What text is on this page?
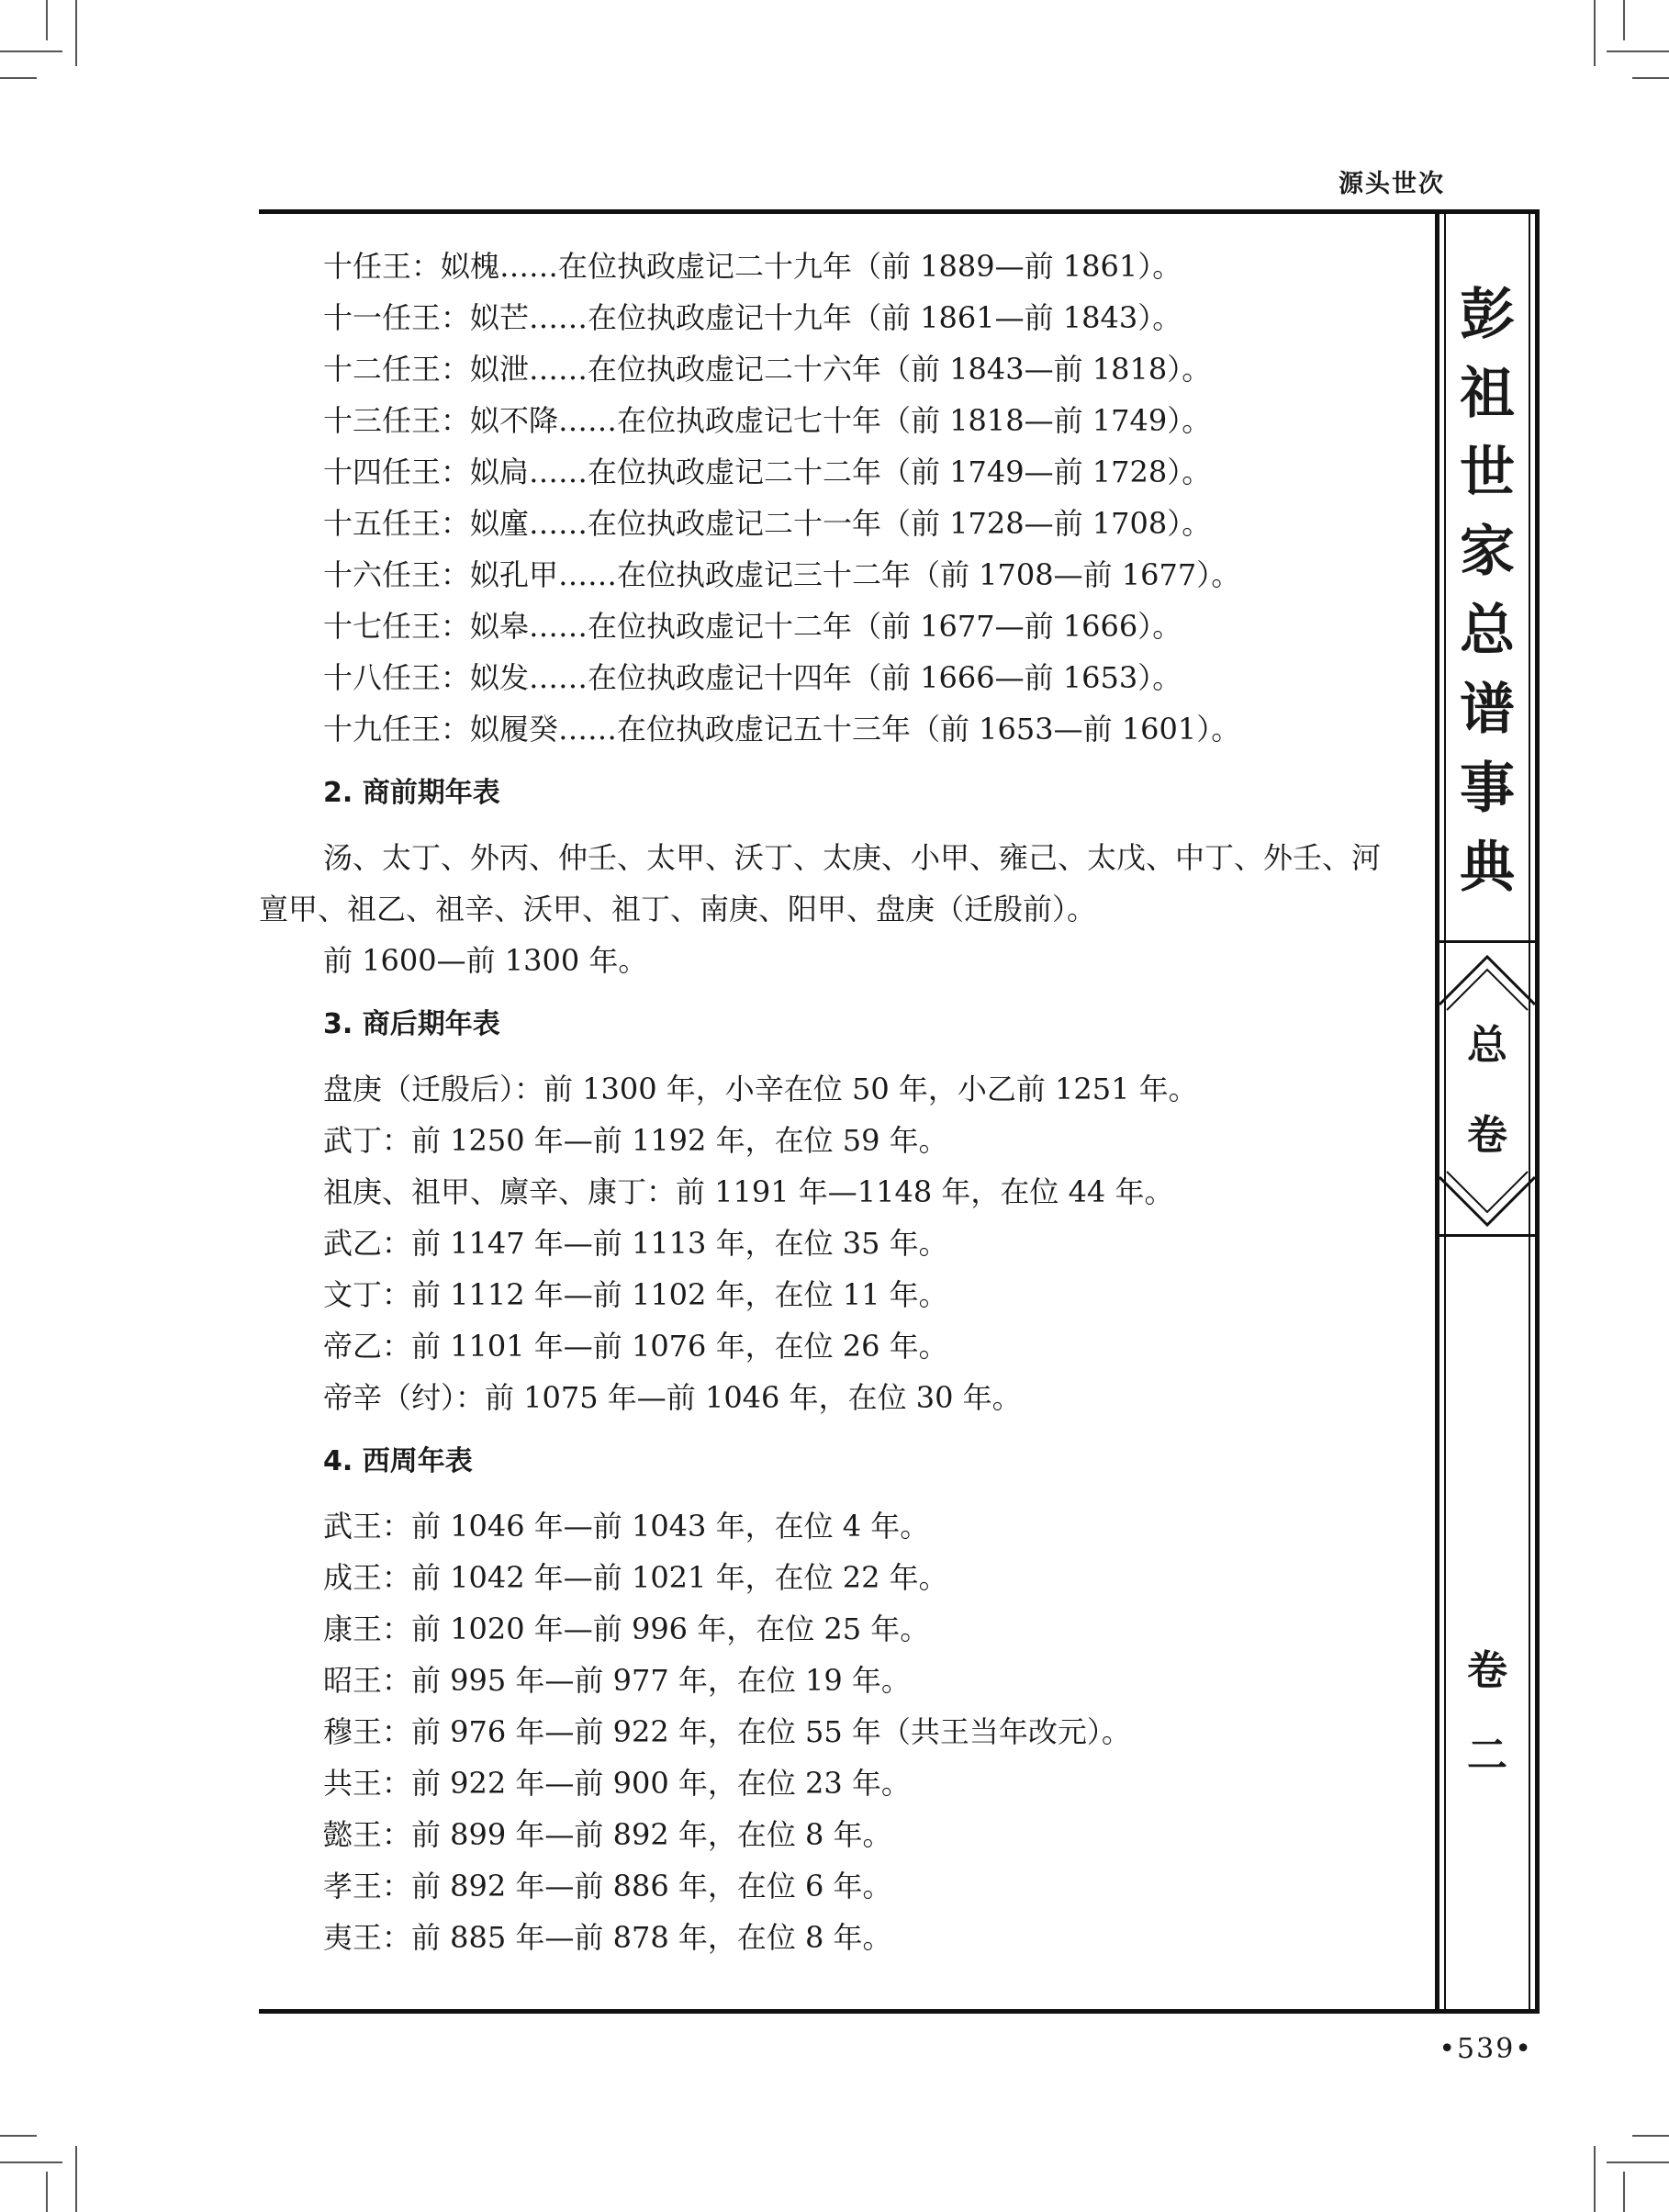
源头世次
彭
祖
世
家
总
谱
事
典
总
卷
卷
二

十任王：姒槐……在位执政虚记二十九年（前 1889—前 1861）。

十一任王：姒芒……在位执政虚记十九年（前 1861—前 1843）。

十二任王：姒泄……在位执政虚记二十六年（前 1843—前 1818）。

十三任王：姒不降……在位执政虚记七十年（前 1818—前 1749）。

十四任王：姒扃……在位执政虚记二十二年（前 1749—前 1728）。

十五任王：姒廑……在位执政虚记二十一年（前 1728—前 1708）。

十六任王：姒孔甲……在位执政虚记三十二年（前 1708—前 1677）。

十七任王：姒皋……在位执政虚记十二年（前 1677—前 1666）。

十八任王：姒发……在位执政虚记十四年（前 1666—前 1653）。

十九任王：姒履癸……在位执政虚记五十三年（前 1653—前 1601）。

2. 商前期年表

汤、太丁、外丙、仲壬、太甲、沃丁、太庚、小甲、雍己、太戊、中丁、外壬、河亶甲、祖乙、祖辛、沃甲、祖丁、南庚、阳甲、盘庚（迁殷前）。

前 1600—前 1300 年。

3. 商后期年表

盘庚（迁殷后）：前 1300 年，小辛在位 50 年，小乙前 1251 年。

武丁：前 1250 年—前 1192 年，在位 59 年。

祖庚、祖甲、廪辛、康丁：前 1191 年—1148 年，在位 44 年。

武乙：前 1147 年—前 1113 年，在位 35 年。

文丁：前 1112 年—前 1102 年，在位 11 年。

帝乙：前 1101 年—前 1076 年，在位 26 年。

帝辛（纣）：前 1075 年—前 1046 年，在位 30 年。

4. 西周年表

武王：前 1046 年—前 1043 年，在位 4 年。

成王：前 1042 年—前 1021 年，在位 22 年。

康王：前 1020 年—前 996 年，在位 25 年。

昭王：前 995 年—前 977 年，在位 19 年。

穆王：前 976 年—前 922 年，在位 55 年（共王当年改元）。

共王：前 922 年—前 900 年，在位 23 年。

懿王：前 899 年—前 892 年，在位 8 年。

孝王：前 892 年—前 886 年，在位 6 年。

夷王：前 885 年—前 878 年，在位 8 年。

•539•
